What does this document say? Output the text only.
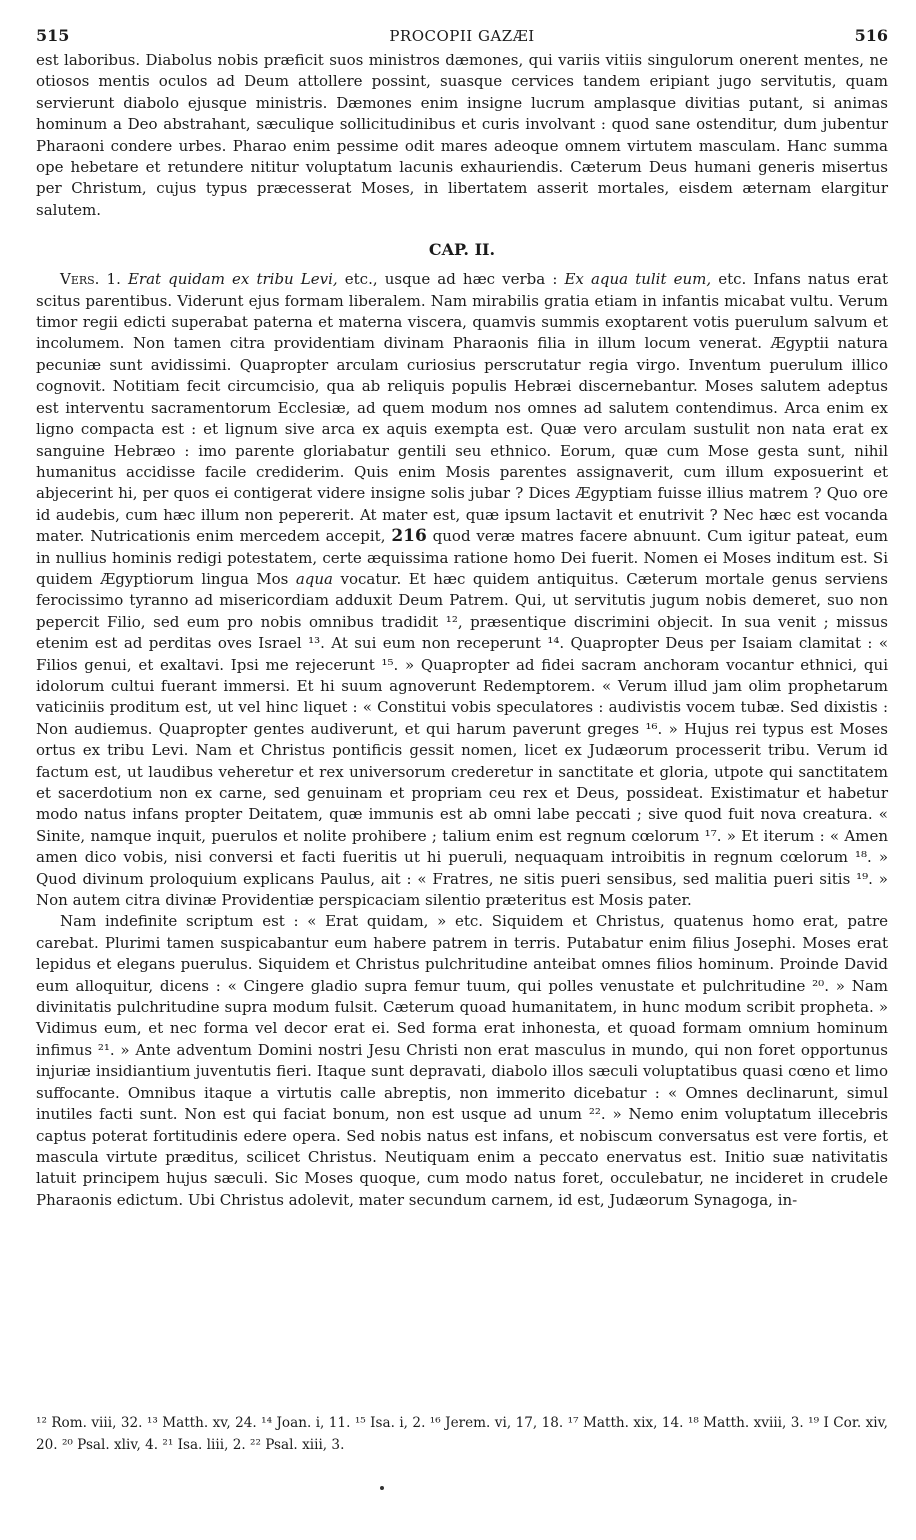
515	PROCOPII GAZÆI	516

est laboribus. Diabolus nobis præficit suos ministros dæmones, qui variis vitiis singulorum onerent mentes, ne otiosos mentis oculos ad Deum attollere possint, suasque cervices tandem eripiant jugo servitutis, quam servierunt diabolo ejusque ministris. Dæmones enim insigne lucrum amplasque divitias putant, si animas hominum a Deo abstrahant, sæculique sollicitudinibus et curis involvant : quod sane ostenditur, dum jubentur Pharaoni condere urbes. Pharao enim pessime odit mares adeoque omnem virtutem masculam. Hanc summa ope hebetare et retundere nititur voluptatum lacunis exhauriendis. Cæterum Deus humani generis misertus per Christum, cujus typus præcesserat Moses, in libertatem asserit mortales, eisdem æternam elargitur salutem.

CAP. II.

Vers. 1. Erat quidam ex tribu Levi, etc., usque ad hæc verba : Ex aqua tulit eum, etc. Infans natus erat scitus parentibus. Viderunt ejus formam liberalem. Nam mirabilis gratia etiam in infantis micabat vultu. Verum timor regii edicti superabat paterna et materna viscera, quamvis summis exoptarent votis puerulum salvum et incolumem. Non tamen citra providentiam divinam Pharaonis filia in illum locum venerat. Ægyptii natura pecuniæ sunt avidissimi. Quapropter arculam curiosius perscrutatur regia virgo. Inventum puerulum illico cognovit. Notitiam fecit circumcisio, qua ab reliquis populis Hebræi discernebantur. Moses salutem adeptus est interventu sacramentorum Ecclesiæ, ad quem modum nos omnes ad salutem contendimus. Arca enim ex ligno compacta est : et lignum sive arca ex aquis exempta est. Quæ vero arculam sustulit non nata erat ex sanguine Hebræo : imo parente gloriabatur gentili seu ethnico. Eorum, quæ cum Mose gesta sunt, nihil humanitus accidisse facile crediderim. Quis enim Mosis parentes assignaverit, cum illum exposuerint et abjecerint hi, per quos ei contigerat videre insigne solis jubar ? Dices Ægyptiam fuisse illius matrem ? Quo ore id audebis, cum hæc illum non pepererit. At mater est, quæ ipsum lactavit et enutrivit ? Nec hæc est vocanda mater. Nutricationis enim mercedem accepit, 216 quod veræ matres facere abnuunt. Cum igitur pateat, eum in nullius hominis redigi potestatem, certe æquissima ratione homo Dei fuerit. Nomen ei Moses inditum est. Si quidem Ægyptiorum lingua Mos aqua vocatur. Et hæc quidem antiquitus. Cæterum mortale genus serviens ferocissimo tyranno ad misericordiam adduxit Deum Patrem. Qui, ut servitutis jugum nobis demeret, suo non pepercit Filio, sed eum pro nobis omnibus tradidit ¹², præsentique discrimini objecit. In sua venit ; missus etenim est ad perditas oves Israel ¹³. At sui eum non receperunt ¹⁴. Quapropter Deus per Isaiam clamitat : « Filios genui, et exaltavi. Ipsi me rejecerunt ¹⁵. » Quapropter ad fidei sacram anchoram vocantur ethnici, qui idolorum cultui fuerant immersi. Et hi suum agnoverunt Redemptorem. « Verum illud jam olim prophetarum vaticiniis proditum est, ut vel hinc liquet : « Constitui vobis speculatores : audivistis vocem tubæ. Sed dixistis : Non audiemus. Quapropter gentes audiverunt, et qui harum paverunt greges ¹⁶. » Hujus rei typus est Moses ortus ex tribu Levi. Nam et Christus pontificis gessit nomen, licet ex Judæorum processerit tribu. Verum id factum est, ut laudibus veheretur et rex universorum crederetur in sanctitate et gloria, utpote qui sanctitatem et sacerdotium non ex carne, sed genuinam et propriam ceu rex et Deus, possideat. Existimatur et habetur modo natus infans propter Deitatem, quæ immunis est ab omni labe peccati ; sive quod fuit nova creatura. « Sinite, namque inquit, puerulos et nolite prohibere ; talium enim est regnum cœlorum ¹⁷. » Et iterum : « Amen amen dico vobis, nisi conversi et facti fueritis ut hi pueruli, nequaquam introibitis in regnum cœlorum ¹⁸. » Quod divinum proloquium explicans Paulus, ait : « Fratres, ne sitis pueri sensibus, sed malitia pueri sitis ¹⁹. » Non autem citra divinæ Providentiæ perspicaciam silentio præteritus est Mosis pater.

Nam indefinite scriptum est : « Erat quidam, » etc. Siquidem et Christus, quatenus homo erat, patre carebat. Plurimi tamen suspicabantur eum habere patrem in terris. Putabatur enim filius Josephi. Moses erat lepidus et elegans puerulus. Siquidem et Christus pulchritudine anteibat omnes filios hominum. Proinde David eum alloquitur, dicens : « Cingere gladio supra femur tuum, qui polles venustate et pulchritudine ²⁰. » Nam divinitatis pulchritudine supra modum fulsit. Cæterum quoad humanitatem, in hunc modum scribit propheta. » Vidimus eum, et nec forma vel decor erat ei. Sed forma erat inhonesta, et quoad formam omnium hominum infimus ²¹. » Ante adventum Domini nostri Jesu Christi non erat masculus in mundo, qui non foret opportunus injuriæ insidiantium juventutis fieri. Itaque sunt depravati, diabolo illos sæculi voluptatibus quasi cœno et limo suffocante. Omnibus itaque a virtutis calle abreptis, non immerito dicebatur : « Omnes declinarunt, simul inutiles facti sunt. Non est qui faciat bonum, non est usque ad unum ²². » Nemo enim voluptatum illecebris captus poterat fortitudinis edere opera. Sed nobis natus est infans, et nobiscum conversatus est vere fortis, et mascula virtute præditus, scilicet Christus. Neutiquam enim a peccato enervatus est. Initio suæ nativitatis latuit principem hujus sæculi. Sic Moses quoque, cum modo natus foret, occulebatur, ne incideret in crudele Pharaonis edictum. Ubi Christus adolevit, mater secundum carnem, id est, Judæorum Synagoga, in-

¹² Rom. viii, 32. ¹³ Matth. xv, 24. ¹⁴ Joan. i, 11. ¹⁵ Isa. i, 2. ¹⁶ Jerem. vi, 17, 18. ¹⁷ Matth. xix, 14. ¹⁸ Matth. xviii, 3. ¹⁹ I Cor. xiv, 20. ²⁰ Psal. xliv, 4. ²¹ Isa. liii, 2. ²² Psal. xiii, 3.
